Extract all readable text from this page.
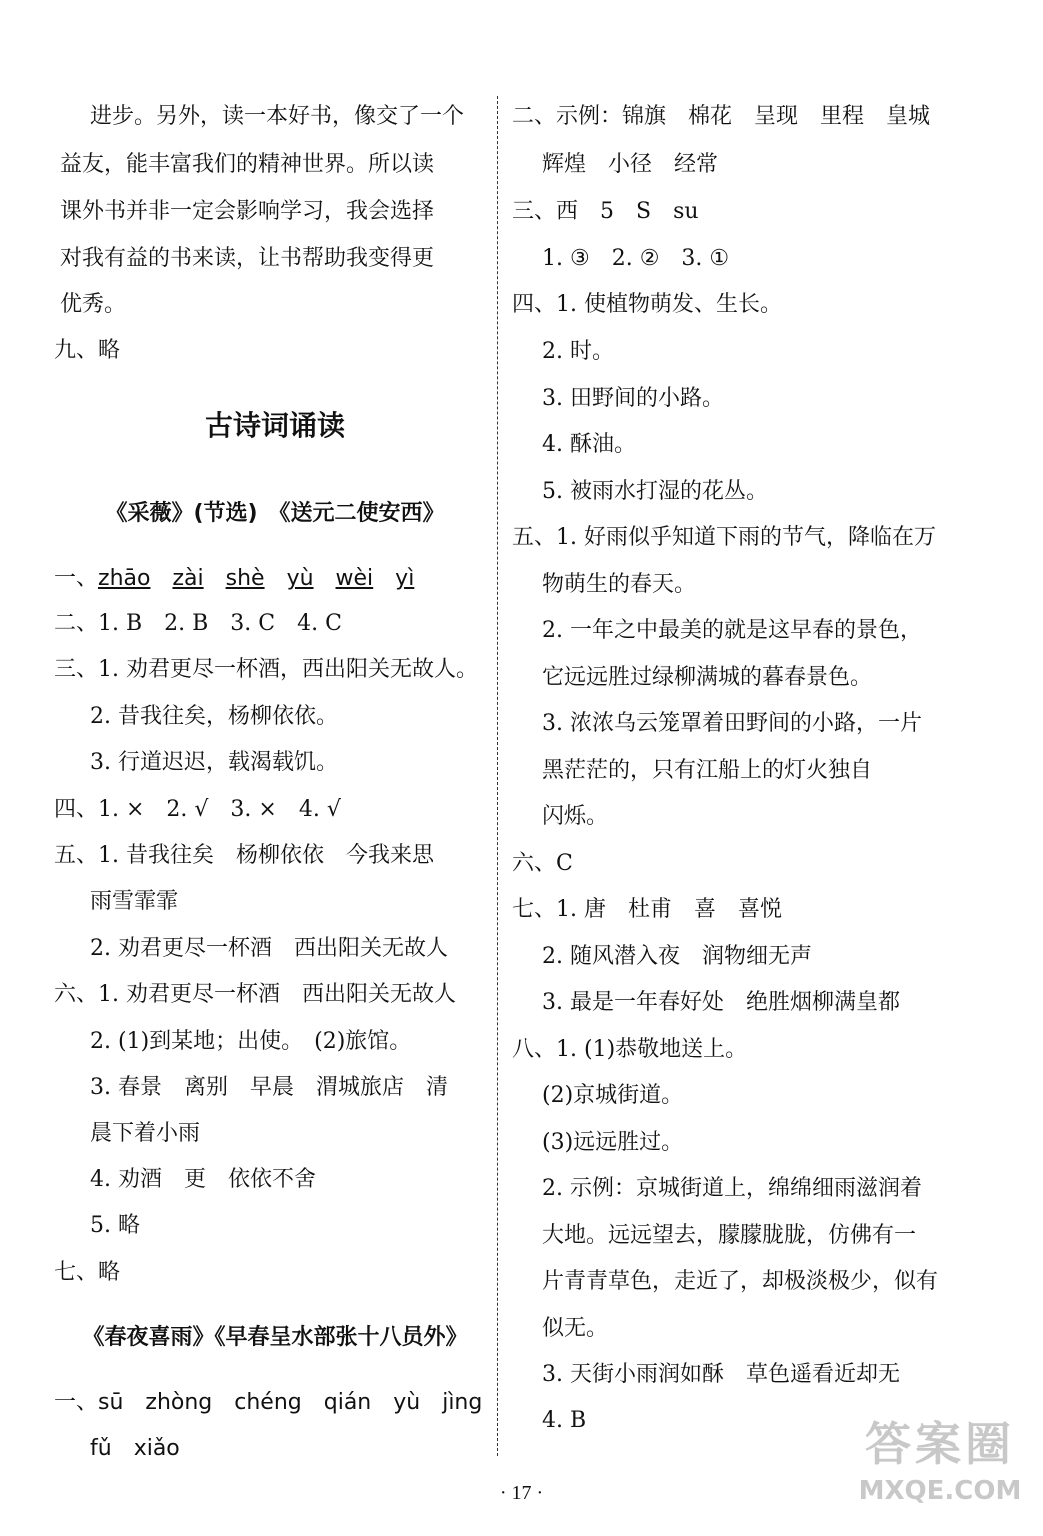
进步。另外，读一本好书，像交了一个
益友，能丰富我们的精神世界。所以读
课外书并非一定会影响学习，我会选择
对我有益的书来读，让书帮助我变得更
优秀。
九、略
古诗词诵读
《采薇》(节选)　《送元二使安西》
一、zhāo zài shè yù wèi yì
二、1. B　2. B　3. C　4. C
三、1. 劝君更尽一杯酒，西出阳关无故人。
2. 昔我往矣，杨柳依依。
3. 行道迟迟，载渴载饥。
四、1. ×　2. √　3. ×　4. √
五、1. 昔我往矣　杨柳依依　今我来思
雨雪霏霏
2. 劝君更尽一杯酒　西出阳关无故人
六、1. 劝君更尽一杯酒　西出阳关无故人
2. (1)到某地；出使。　(2)旅馆。
3. 春景　离别　早晨　渭城旅店　清
晨下着小雨
4. 劝酒　更　依依不舍
5. 略
七、略
《春夜喜雨》《早春呈水部张十八员外》
一、sū　zhòng　chéng　qián　yù　jìng
fǔ　xiǎo
二、示例：锦旗　棉花　呈现　里程　皇城
辉煌　小径　经常
三、西　5　S　su
1. ③　2. ②　3. ①
四、1. 使植物萌发、生长。
2. 时。
3. 田野间的小路。
4. 酥油。
5. 被雨水打湿的花丛。
五、1. 好雨似乎知道下雨的节气，降临在万
物萌生的春天。
2. 一年之中最美的就是这早春的景色，
它远远胜过绿柳满城的暮春景色。
3. 浓浓乌云笼罩着田野间的小路，一片
黑茫茫的，只有江船上的灯火独自
闪烁。
六、C
七、1. 唐　杜甫　喜　喜悦
2. 随风潜入夜　润物细无声
3. 最是一年春好处　绝胜烟柳满皇都
八、1. (1)恭敬地送上。
(2)京城街道。
(3)远远胜过。
2. 示例：京城街道上，绵绵细雨滋润着
大地。远远望去，朦朦胧胧，仿佛有一
片青青草色，走近了，却极淡极少，似有
似无。
3. 天街小雨润如酥　草色遥看近却无
4. B
· 17 ·
答案圈
MXQE.COM
